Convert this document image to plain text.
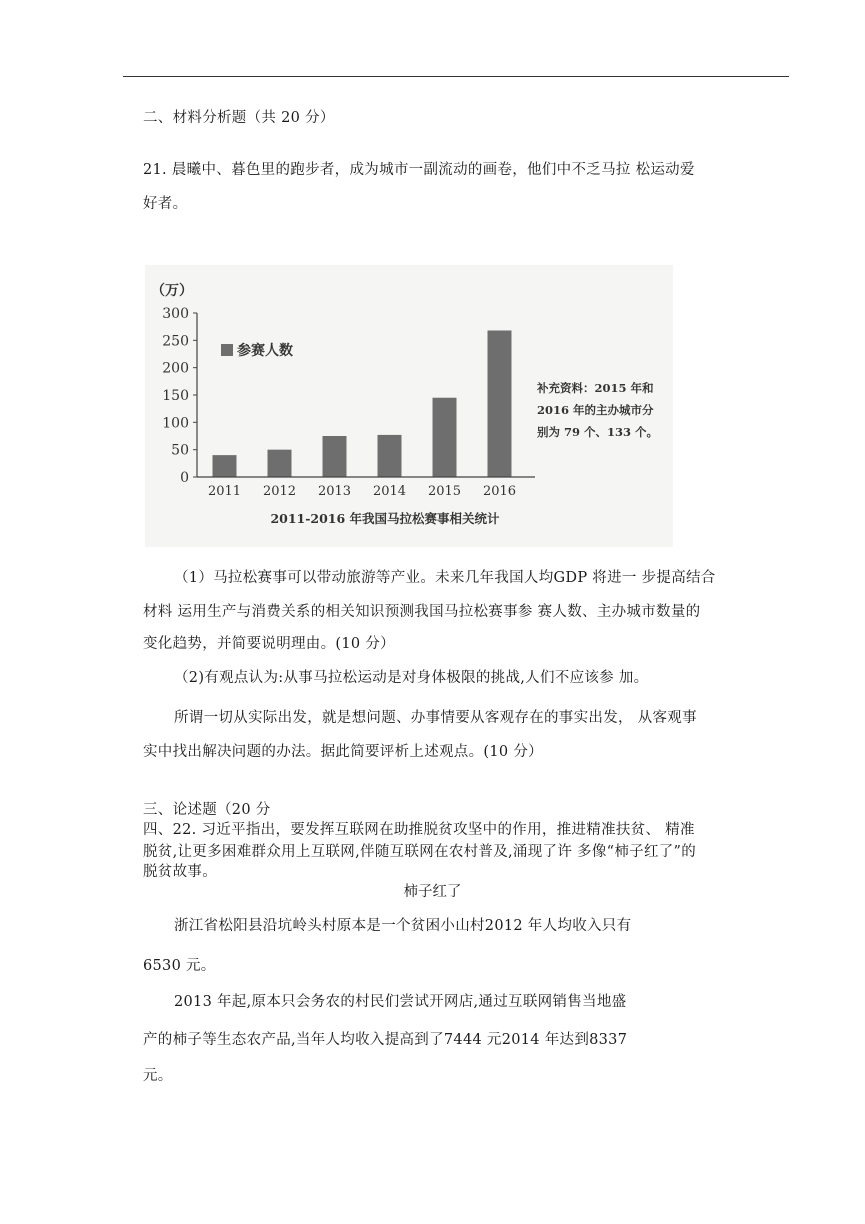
二、材料分析题（共 20 分）
21. 晨曦中、暮色里的跑步者，成为城市一副流动的画卷，他们中不乏马拉 松运动爱
好者。
（万）
0
50
100
150
200
250
300
2011 2012 2013 2014 2015 2016
参赛人数
补充资料：2015 年和
2016 年的主办城市分
别为 79 个、133 个。
2011-2016 年我国马拉松赛事相关统计
（1）马拉松赛事可以带动旅游等产业。未来几年我国人均GDP 将进一 步提高结合
材料 运用生产与消费关系的相关知识预测我国马拉松赛事参 赛人数、主办城市数量的
变化趋势，并简要说明理由。(10 分）
（2)有观点认为:从事马拉松运动是对身体极限的挑战,人们不应该参 加。
所谓一切从实际出发，就是想问题、办事情要从客观存在的事实出发， 从客观事
实中找出解决问题的办法。据此简要评析上述观点。(10 分）
三、论述题（20 分
四、22. 习近平指出，要发挥互联网在助推脱贫攻坚中的作用，推进精准扶贫、 精准
脱贫,让更多困难群众用上互联网,伴随互联网在农村普及,涌现了许 多像“柿子红了”的
脱贫故事。
柿子红了
浙江省松阳县沿坑岭头村原本是一个贫困小山村2012 年人均收入只有
6530 元。
2013 年起,原本只会务农的村民们尝试开网店,通过互联网销售当地盛
产的柿子等生态农产品,当年人均收入提高到了7444 元2014 年达到8337
元。
